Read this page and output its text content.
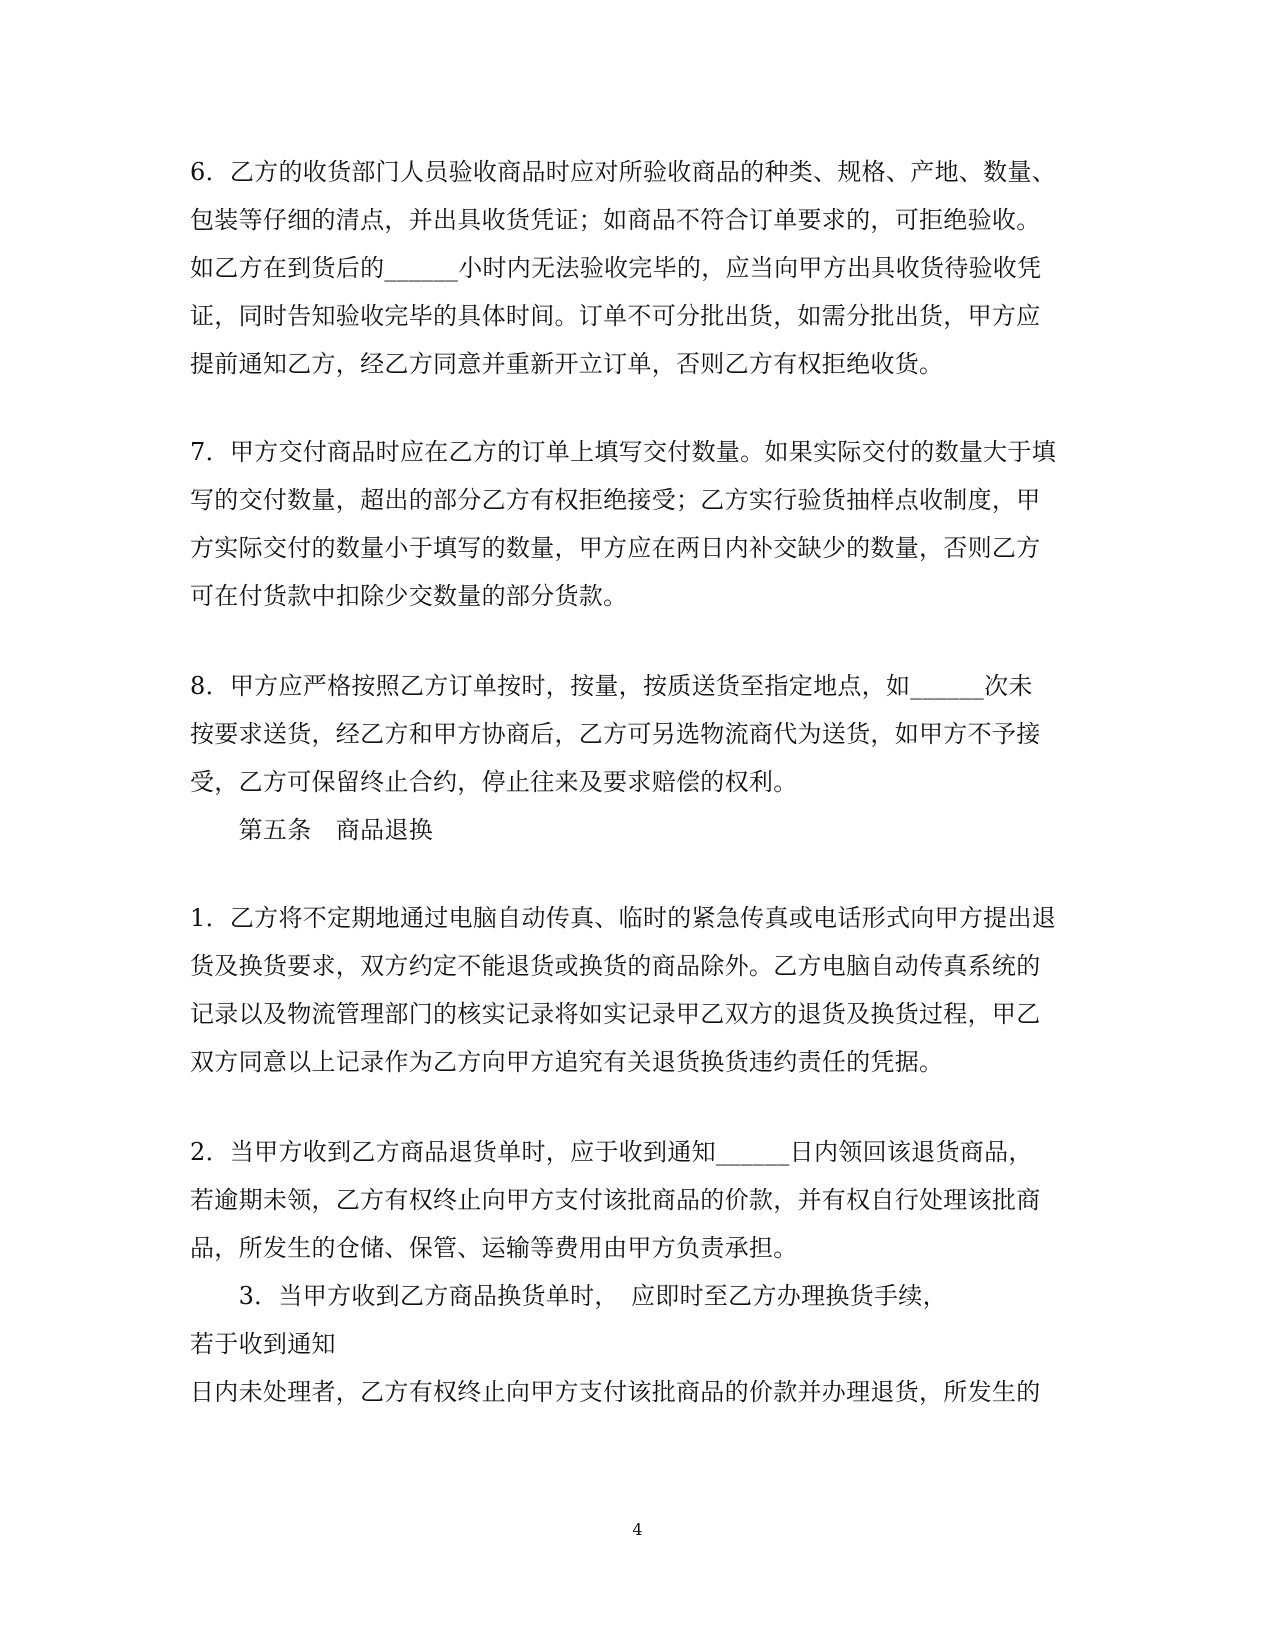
6．乙方的收货部门人员验收商品时应对所验收商品的种类、规格、产地、数量、
包装等仔细的清点，并出具收货凭证；如商品不符合订单要求的，可拒绝验收。
如乙方在到货后的______小时内无法验收完毕的，应当向甲方出具收货待验收凭
证，同时告知验收完毕的具体时间。订单不可分批出货，如需分批出货，甲方应
提前通知乙方，经乙方同意并重新开立订单，否则乙方有权拒绝收货。
7．甲方交付商品时应在乙方的订单上填写交付数量。如果实际交付的数量大于填
写的交付数量，超出的部分乙方有权拒绝接受；乙方实行验货抽样点收制度，甲
方实际交付的数量小于填写的数量，甲方应在两日内补交缺少的数量，否则乙方
可在付货款中扣除少交数量的部分货款。
8．甲方应严格按照乙方订单按时，按量，按质送货至指定地点，如______次未
按要求送货，经乙方和甲方协商后，乙方可另选物流商代为送货，如甲方不予接
受，乙方可保留终止合约，停止往来及要求赔偿的权利。
　　第五条　商品退换
1．乙方将不定期地通过电脑自动传真、临时的紧急传真或电话形式向甲方提出退
货及换货要求，双方约定不能退货或换货的商品除外。乙方电脑自动传真系统的
记录以及物流管理部门的核实记录将如实记录甲乙双方的退货及换货过程，甲乙
双方同意以上记录作为乙方向甲方追究有关退货换货违约责任的凭据。
2．当甲方收到乙方商品退货单时，应于收到通知______日内领回该退货商品，
若逾期未领，乙方有权终止向甲方支付该批商品的价款，并有权自行处理该批商
品，所发生的仓储、保管、运输等费用由甲方负责承担。
　　3．当甲方收到乙方商品换货单时，　应即时至乙方办理换货手续，
若于收到通知
日内未处理者，乙方有权终止向甲方支付该批商品的价款并办理退货，所发生的
4
